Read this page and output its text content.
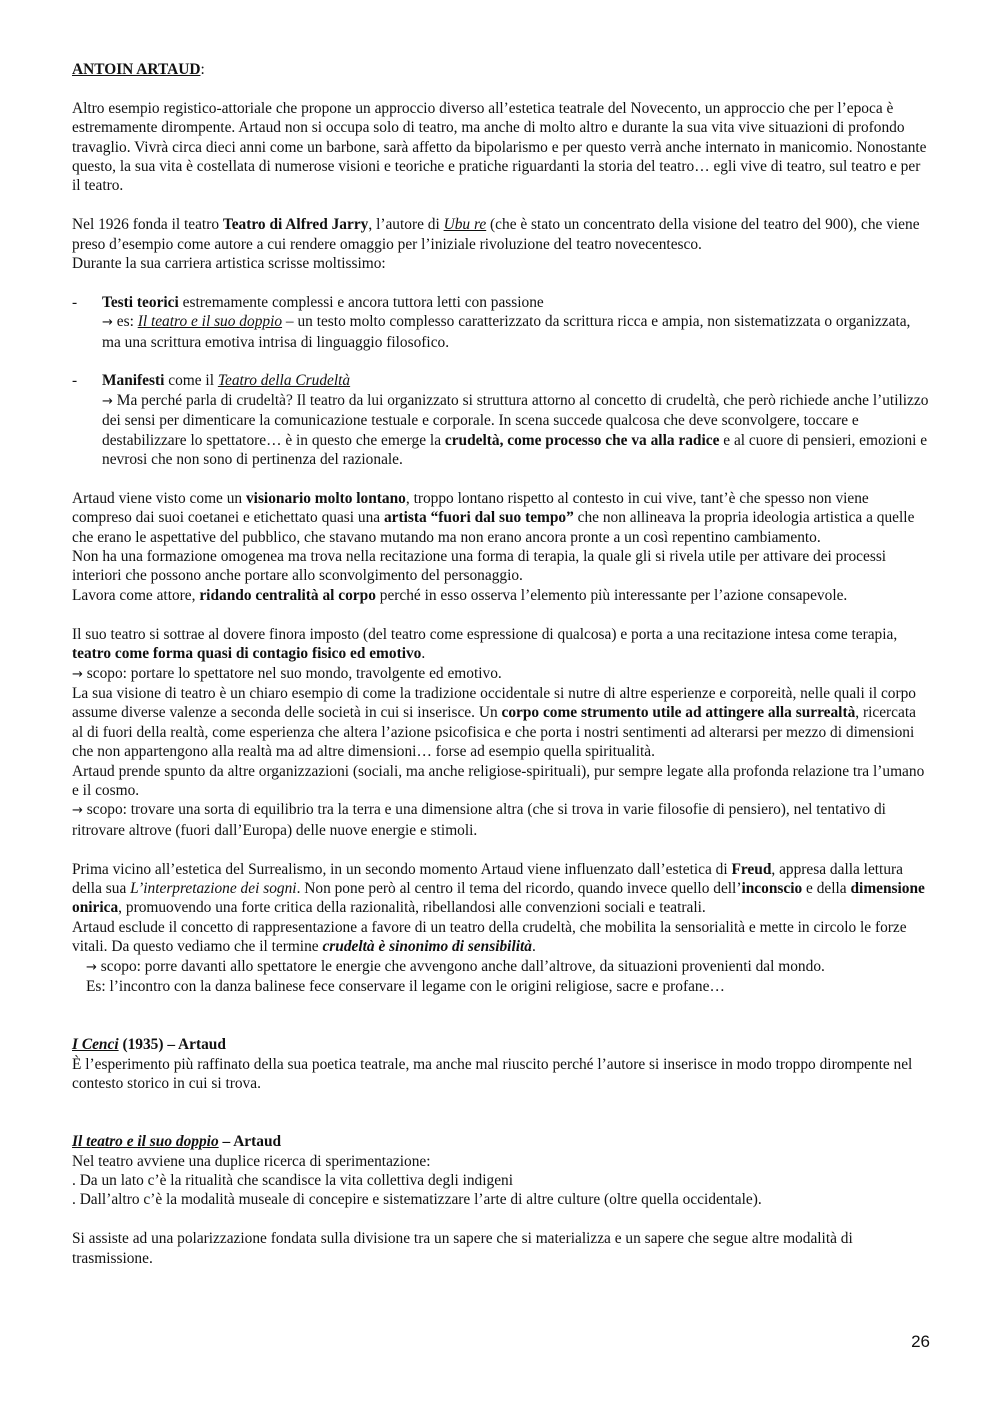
ANTOIN ARTAUD:

Altro esempio registico-attoriale che propone un approccio diverso all’estetica teatrale del Novecento, un approccio che per l’epoca è estremamente dirompente. Artaud non si occupa solo di teatro, ma anche di molto altro e durante la sua vita vive situazioni di profondo travaglio. Vivrà circa dieci anni come un barbone, sarà affetto da bipolarismo e per questo verrà anche internato in manicomio. Nonostante questo, la sua vita è costellata di numerose visioni e teoriche e pratiche riguardanti la storia del teatro… egli vive di teatro, sul teatro e per il teatro.

Nel 1926 fonda il teatro Teatro di Alfred Jarry, l’autore di Ubu re (che è stato un concentrato della visione del teatro del 900), che viene preso d’esempio come autore a cui rendere omaggio per l’iniziale rivoluzione del teatro novecentesco.

Durante la sua carriera artistica scrisse moltissimo:

- Testi teorici estremamente complessi e ancora tuttora letti con passione

→ es: Il teatro e il suo doppio – un testo molto complesso caratterizzato da scrittura ricca e ampia, non sistematizzata o organizzata, ma una scrittura emotiva intrisa di linguaggio filosofico.

- Manifesti come il Teatro della Crudeltà

→ Ma perché parla di crudeltà? Il teatro da lui organizzato si struttura attorno al concetto di crudeltà, che però richiede anche l’utilizzo dei sensi per dimenticare la comunicazione testuale e corporale. In scena succede qualcosa che deve sconvolgere, toccare e destabilizzare lo spettatore… è in questo che emerge la crudeltà, come processo che va alla radice e al cuore di pensieri, emozioni e nevrosi che non sono di pertinenza del razionale.

Artaud viene visto come un visionario molto lontano, troppo lontano rispetto al contesto in cui vive, tant’è che spesso non viene compreso dai suoi coetanei e etichettato quasi una artista “fuori dal suo tempo” che non allineava la propria ideologia artistica a quelle che erano le aspettative del pubblico, che stavano mutando ma non erano ancora pronte a un così repentino cambiamento.

Non ha una formazione omogenea ma trova nella recitazione una forma di terapia, la quale gli si rivela utile per attivare dei processi interiori che possono anche portare allo sconvolgimento del personaggio.

Lavora come attore, ridando centralità al corpo perché in esso osserva l’elemento più interessante per l’azione consapevole.

Il suo teatro si sottrae al dovere finora imposto (del teatro come espressione di qualcosa) e porta a una recitazione intesa come terapia, teatro come forma quasi di contagio fisico ed emotivo.

→ scopo: portare lo spettatore nel suo mondo, travolgente ed emotivo.

La sua visione di teatro è un chiaro esempio di come la tradizione occidentale si nutre di altre esperienze e corporeità, nelle quali il corpo assume diverse valenze a seconda delle società in cui si inserisce. Un corpo come strumento utile ad attingere alla surrealtà, ricercata al di fuori della realtà, come esperienza che altera l’azione psicofisica e che porta i nostri sentimenti ad alterarsi per mezzo di dimensioni che non appartengono alla realtà ma ad altre dimensioni… forse ad esempio quella spiritualità.

Artaud prende spunto da altre organizzazioni (sociali, ma anche religiose-spirituali), pur sempre legate alla profonda relazione tra l’umano e il cosmo.

→ scopo: trovare una sorta di equilibrio tra la terra e una dimensione altra (che si trova in varie filosofie di pensiero), nel tentativo di ritrovare altrove (fuori dall’Europa) delle nuove energie e stimoli.

Prima vicino all’estetica del Surrealismo, in un secondo momento Artaud viene influenzato dall’estetica di Freud, appresa dalla lettura della sua L’interpretazione dei sogni. Non pone però al centro il tema del ricordo, quando invece quello dell’inconscio e della dimensione onirica, promuovendo una forte critica della razionalità, ribellandosi alle convenzioni sociali e teatrali.

Artaud esclude il concetto di rappresentazione a favore di un teatro della crudeltà, che mobilita la sensorialità e mette in circolo le forze vitali. Da questo vediamo che il termine crudeltà è sinonimo di sensibilità.

→ scopo: porre davanti allo spettatore le energie che avvengono anche dall’altrove, da situazioni provenienti dal mondo.

Es: l’incontro con la danza balinese fece conservare il legame con le origini religiose, sacre e profane…

I Cenci (1935) – Artaud

È l’esperimento più raffinato della sua poetica teatrale, ma anche mal riuscito perché l’autore si inserisce in modo troppo dirompente nel contesto storico in cui si trova.

Il teatro e il suo doppio – Artaud

Nel teatro avviene una duplice ricerca di sperimentazione:

. Da un lato c’è la ritualità che scandisce la vita collettiva degli indigeni

. Dall’altro c’è la modalità museale di concepire e sistematizzare l’arte di altre culture (oltre quella occidentale).

Si assiste ad una polarizzazione fondata sulla divisione tra un sapere che si materializza e un sapere che segue altre modalità di trasmissione.

26
